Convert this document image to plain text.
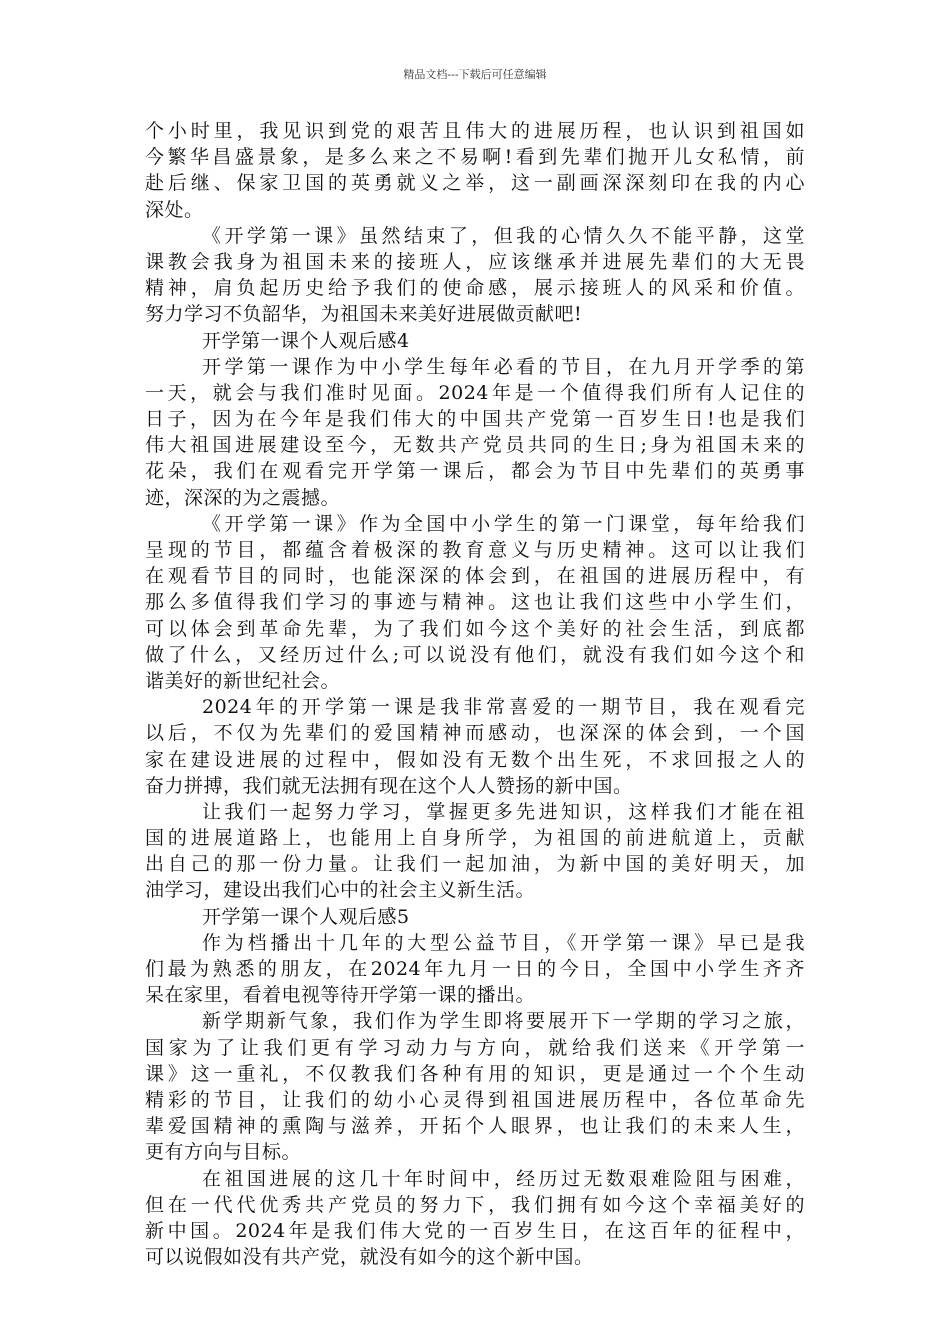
精品文档---下载后可任意编辑
个小时里，我见识到党的艰苦且伟大的进展历程，也认识到祖国如
今繁华昌盛景象，是多么来之不易啊!看到先辈们抛开儿女私情，前
赴后继、保家卫国的英勇就义之举，这一副画深深刻印在我的内心
深处。
《开学第一课》虽然结束了，但我的心情久久不能平静，这堂
课教会我身为祖国未来的接班人，应该继承并进展先辈们的大无畏
精神，肩负起历史给予我们的使命感，展示接班人的风采和价值。
努力学习不负韶华，为祖国未来美好进展做贡献吧!
开学第一课个人观后感4
开学第一课作为中小学生每年必看的节目，在九月开学季的第
一天，就会与我们准时见面。2024年是一个值得我们所有人记住的
日子，因为在今年是我们伟大的中国共产党第一百岁生日!也是我们
伟大祖国进展建设至今，无数共产党员共同的生日;身为祖国未来的
花朵，我们在观看完开学第一课后，都会为节目中先辈们的英勇事
迹，深深的为之震撼。
《开学第一课》作为全国中小学生的第一门课堂，每年给我们
呈现的节目，都蕴含着极深的教育意义与历史精神。这可以让我们
在观看节目的同时，也能深深的体会到，在祖国的进展历程中，有
那么多值得我们学习的事迹与精神。这也让我们这些中小学生们，
可以体会到革命先辈，为了我们如今这个美好的社会生活，到底都
做了什么，又经历过什么;可以说没有他们，就没有我们如今这个和
谐美好的新世纪社会。
2024年的开学第一课是我非常喜爱的一期节目，我在观看完
以后，不仅为先辈们的爱国精神而感动，也深深的体会到，一个国
家在建设进展的过程中，假如没有无数个出生死，不求回报之人的
奋力拼搏，我们就无法拥有现在这个人人赞扬的新中国。
让我们一起努力学习，掌握更多先进知识，这样我们才能在祖
国的进展道路上，也能用上自身所学，为祖国的前进航道上，贡献
出自己的那一份力量。让我们一起加油，为新中国的美好明天，加
油学习，建设出我们心中的社会主义新生活。
开学第一课个人观后感5
作为档播出十几年的大型公益节目，《开学第一课》早已是我
们最为熟悉的朋友，在2024年九月一日的今日，全国中小学生齐齐
呆在家里，看着电视等待开学第一课的播出。
新学期新气象，我们作为学生即将要展开下一学期的学习之旅，
国家为了让我们更有学习动力与方向，就给我们送来《开学第一
课》这一重礼，不仅教我们各种有用的知识，更是通过一个个生动
精彩的节目，让我们的幼小心灵得到祖国进展历程中，各位革命先
辈爱国精神的熏陶与滋养，开拓个人眼界，也让我们的未来人生，
更有方向与目标。
在祖国进展的这几十年时间中，经历过无数艰难险阻与困难，
但在一代代优秀共产党员的努力下，我们拥有如今这个幸福美好的
新中国。2024年是我们伟大党的一百岁生日，在这百年的征程中，
可以说假如没有共产党，就没有如今的这个新中国。
